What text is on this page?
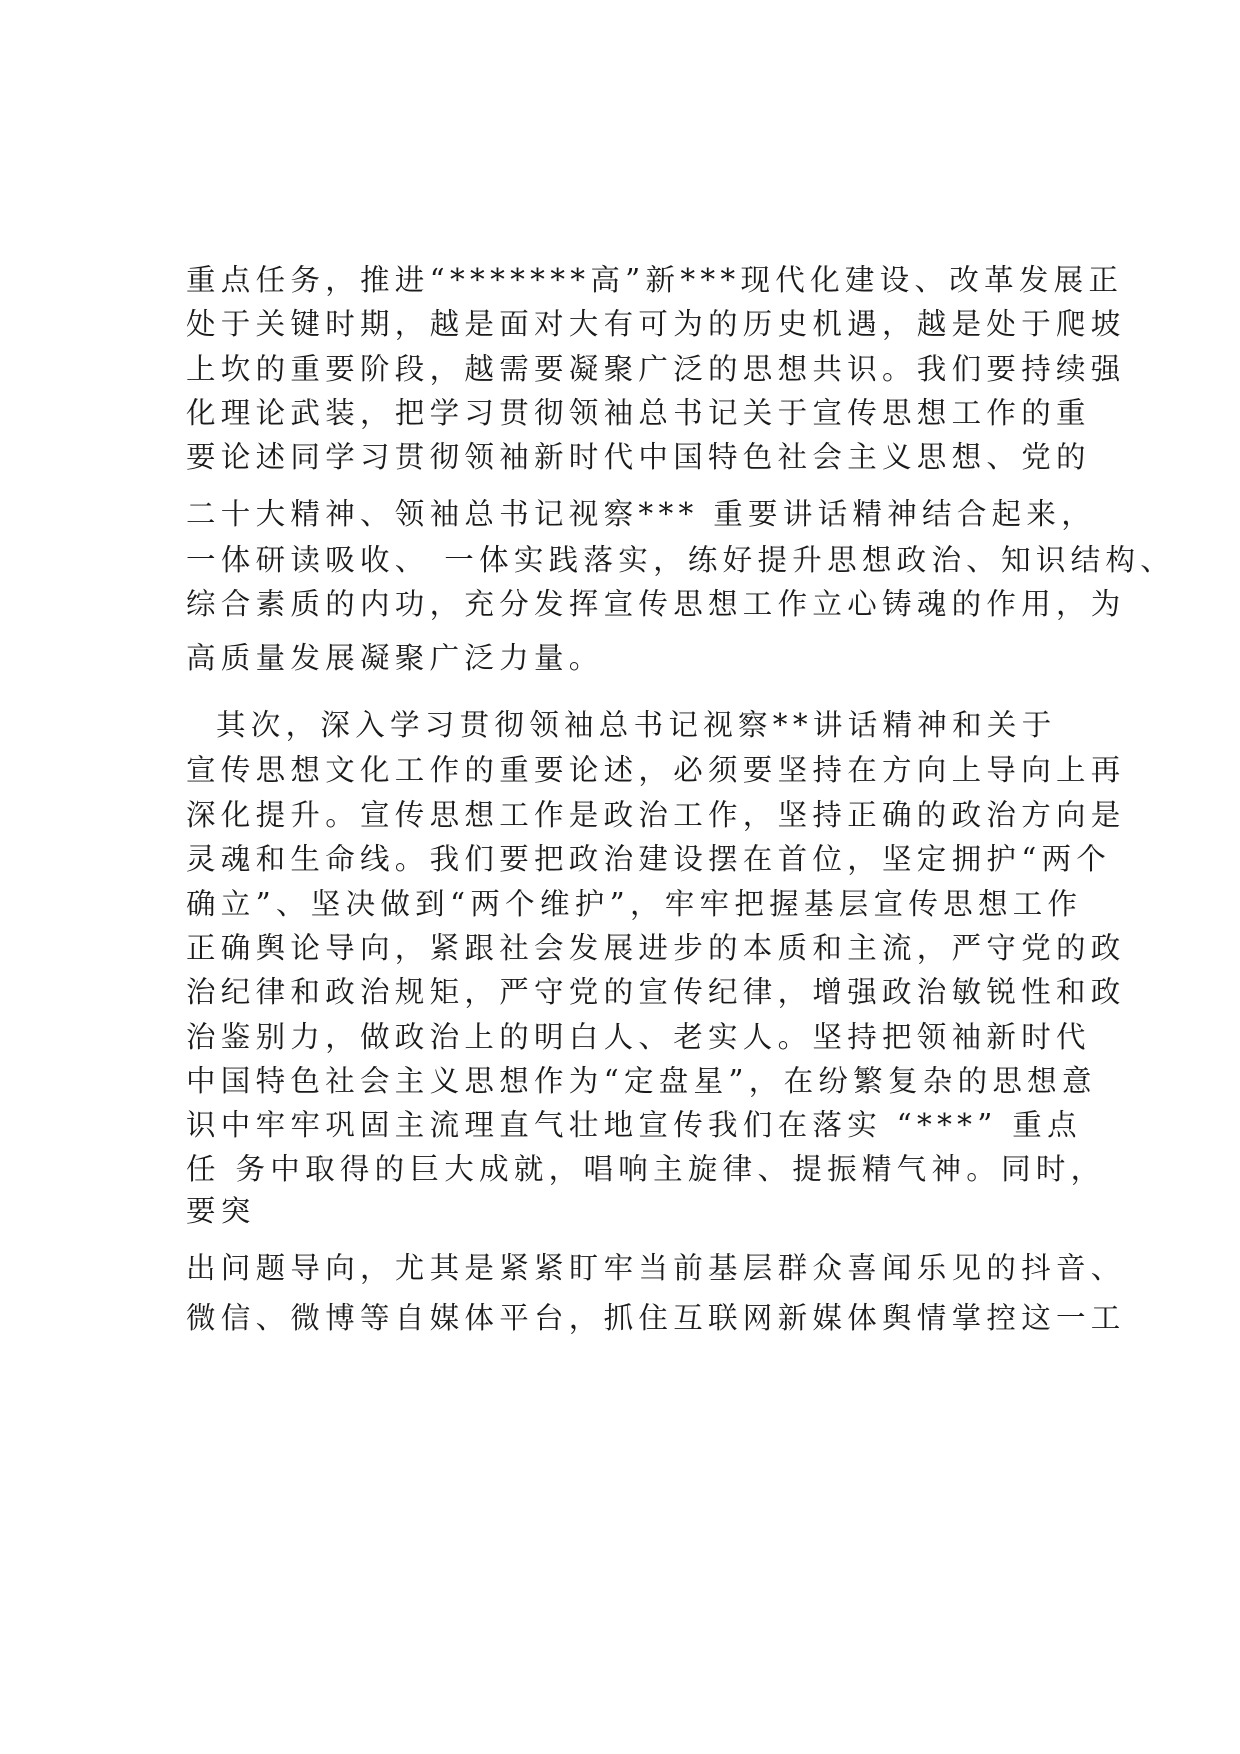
重点任务，推进“*******高”新***现代化建设、改革发展正
处于关键时期，越是面对大有可为的历史机遇，越是处于爬坡
上坎的重要阶段，越需要凝聚广泛的思想共识。我们要持续强
化理论武装，把学习贯彻领袖总书记关于宣传思想工作的重
要论述同学习贯彻领袖新时代中国特色社会主义思想、党的
二十大精神、领袖总书记视察*** 重要讲话精神结合起来，
一体研读吸收、 一体实践落实，练好提升思想政治、知识结构、
综合素质的内功，充分发挥宣传思想工作立心铸魂的作用，为
高质量发展凝聚广泛力量。
其次，深入学习贯彻领袖总书记视察**讲话精神和关于
宣传思想文化工作的重要论述，必须要坚持在方向上导向上再
深化提升。宣传思想工作是政治工作，坚持正确的政治方向是
灵魂和生命线。我们要把政治建设摆在首位，坚定拥护“两个
确立”、坚决做到“两个维护”，牢牢把握基层宣传思想工作
正确舆论导向，紧跟社会发展进步的本质和主流，严守党的政
治纪律和政治规矩，严守党的宣传纪律，增强政治敏锐性和政
治鉴别力，做政治上的明白人、老实人。坚持把领袖新时代
中国特色社会主义思想作为“定盘星”，在纷繁复杂的思想意
识中牢牢巩固主流理直气壮地宣传我们在落实 “***” 重点
任 务中取得的巨大成就，唱响主旋律、提振精气神。同时，
要突
出问题导向，尤其是紧紧盯牢当前基层群众喜闻乐见的抖音、
微信、微博等自媒体平台，抓住互联网新媒体舆情掌控这一工
